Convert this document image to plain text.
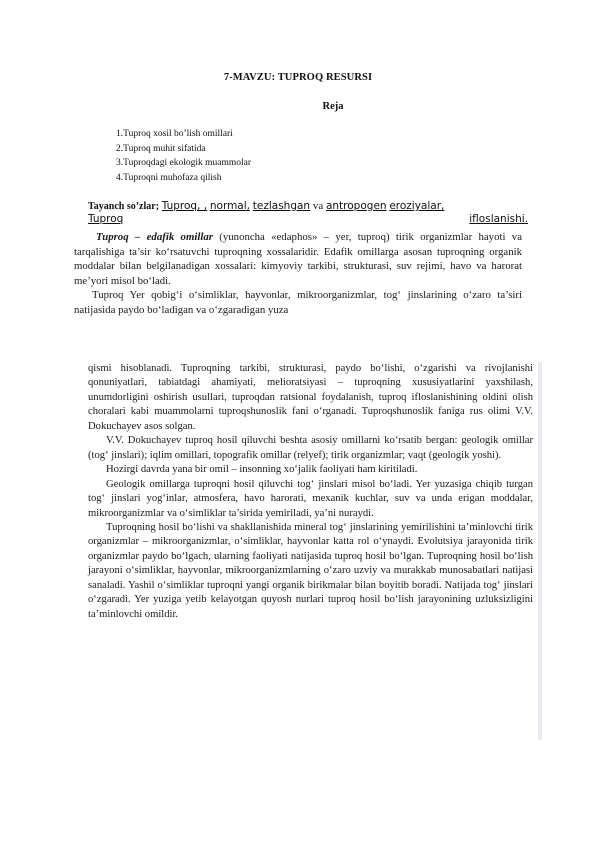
7-MAVZU: TUPROQ RESURSI
Reja
1.Tuproq xosil bo’lish omillari
2.Tuproq muhit sifatida
3.Tuproqdagi ekologik muammolar
4.Tuproqni muhofaza qilish
Tayanch so’zlar; Tuproq, , normal, tezlashgan va antropogen eroziyalar,
Tuproq	ifloslanishi.

Tuproq – edafik omillar (yunoncha «edaphos» – yer, tuproq) tirik organizmlar hayoti va tarqalishiga ta’sir ko‘rsatuvchi tuproqning xossalaridir. Edafik omillarga asosan tuproqning organik moddalar bilan belgilanadigan xossalari: kimyoviy tarkibi, strukturasi, suv rejimi, havo va harorat me’yori misol bo‘ladi.

Tuproq Yer qobig‘i o‘simliklar, hayvonlar, mikroorganizmlar, tog‘ jinslarining o‘zaro ta’siri natijasida paydo bo‘ladigan va o‘zgaradigan yuza

qismi hisoblanadi. Tuproqning tarkibi, strukturasi, paydo bo‘lishi, o‘zgarishi va rivojlanishi qonuniyatlari, tabiatdagi ahamiyati, melioratsiyasi – tuproqning xususiyatlarini yaxshilash, unumdorligini oshirish usullari, tuproqdan ratsional foydalanish, tuproq ifloslanishining oldini olish choralari kabi muammolarni tuproqshunoslik fani o‘rganadi. Tuproqshunoslik faniga rus olimi V.V. Dokuchayev asos solgan.

V.V. Dokuchayev tuproq hosil qiluvchi beshta asosiy omillarni ko‘rsatib bergan: geologik omillar (tog‘ jinslari); iqlim omillari, topografik omillar (relyef); tirik organizmlar; vaqt (geologik yoshi).

Hozirgi davrda yana bir omil – insonning xo‘jalik faoliyati ham kiritiladi.

Geologik omillarga tuproqni hosil qiluvchi tog‘ jinslari misol bo‘ladi. Yer yuzasiga chiqib turgan tog‘ jinslari yog‘inlar, atmosfera, havo harorati, mexanik kuchlar, suv va unda erigan moddalar, mikroorganizmlar va o‘simliklar ta’sirida yemiriladi, ya’ni nuraydi.

Tuproqning hosil bo‘lishi va shakllanishida mineral tog‘ jinslarining yemirilishini ta’minlovchi tirik organizmlar – mikroorganizmlar, o‘simliklar, hayvonlar katta rol o‘ynaydi. Evolutsiya jarayonida tirik organizmlar paydo bo‘lgach, ularning faoliyati natijasida tuproq hosil bo‘lgan. Tuproqning hosil bo‘lish jarayoni o‘simliklar, hayvonlar, mikroorganizmlarning o‘zaro uzviy va murakkab munosabatlari natijasi sanaladi. Yashil o‘simliklar tuproqni yangi organik birikmalar bilan boyitib boradi. Natijada tog‘ jinslari o‘zgaradi. Yer yuziga yetib kelayotgan quyosh nurlari tuproq hosil bo‘lish jarayonining uzluksizligini ta’minlovchi omildir.
